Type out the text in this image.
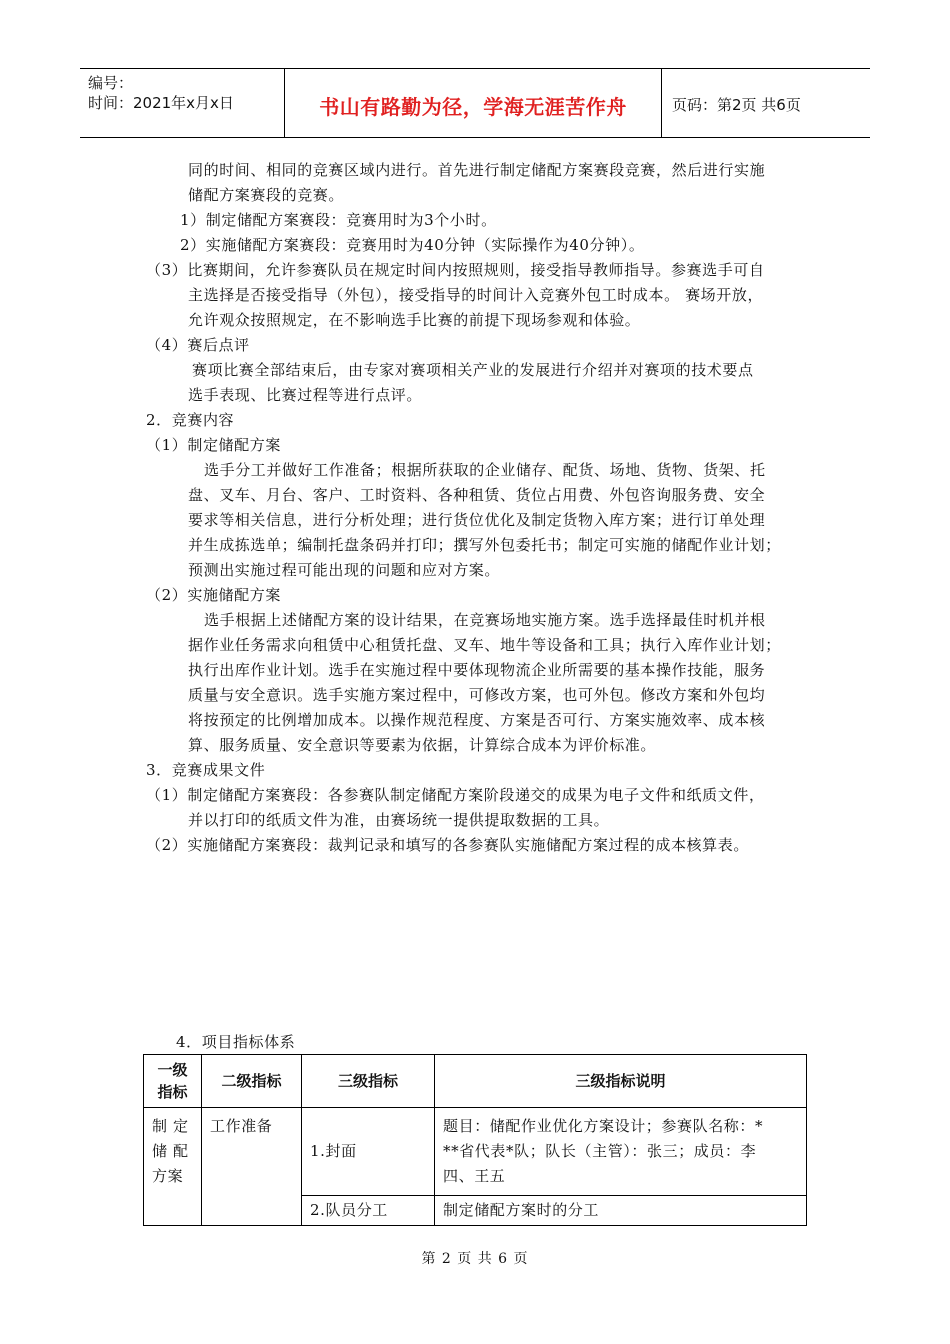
编号：
时间：2021年x月x日	书山有路勤为径，学海无涯苦作舟	页码：第2页 共6页
同的时间、相同的竞赛区域内进行。首先进行制定储配方案赛段竞赛，然后进行实施
储配方案赛段的竞赛。
1）制定储配方案赛段：竞赛用时为3个小时。
2）实施储配方案赛段：竞赛用时为40分钟（实际操作为40分钟）。
（3）比赛期间，允许参赛队员在规定时间内按照规则，接受指导教师指导。参赛选手可自
主选择是否接受指导（外包），接受指导的时间计入竞赛外包工时成本。 赛场开放，
允许观众按照规定，在不影响选手比赛的前提下现场参观和体验。
（4）赛后点评
赛项比赛全部结束后，由专家对赛项相关产业的发展进行介绍并对赛项的技术要点
选手表现、比赛过程等进行点评。
2．竞赛内容
（1）制定储配方案
选手分工并做好工作准备；根据所获取的企业储存、配货、场地、货物、货架、托
盘、叉车、月台、客户、工时资料、各种租赁、货位占用费、外包咨询服务费、安全
要求等相关信息，进行分析处理；进行货位优化及制定货物入库方案；进行订单处理
并生成拣选单；编制托盘条码并打印；撰写外包委托书；制定可实施的储配作业计划；
预测出实施过程可能出现的问题和应对方案。
（2）实施储配方案
选手根据上述储配方案的设计结果，在竞赛场地实施方案。选手选择最佳时机并根
据作业任务需求向租赁中心租赁托盘、叉车、地牛等设备和工具；执行入库作业计划；
执行出库作业计划。选手在实施过程中要体现物流企业所需要的基本操作技能，服务
质量与安全意识。选手实施方案过程中，可修改方案，也可外包。修改方案和外包均
将按预定的比例增加成本。以操作规范程度、方案是否可行、方案实施效率、成本核
算、服务质量、安全意识等要素为依据，计算综合成本为评价标准。
3．竞赛成果文件
（1）制定储配方案赛段：各参赛队制定储配方案阶段递交的成果为电子文件和纸质文件，
并以打印的纸质文件为准，由赛场统一提供提取数据的工具。
（2）实施储配方案赛段：裁判记录和填写的各参赛队实施储配方案过程的成本核算表。
4．项目指标体系
一级
指标	二级指标	三级指标	三级指标说明

制 定
储 配
方案	工作准备	1.封面	题目：储配作业优化方案设计；参赛队名称：*
**省代表*队；队长（主管）：张三；成员：李
四、王五

		2.队员分工	制定储配方案时的分工
第 2 页 共 6 页
